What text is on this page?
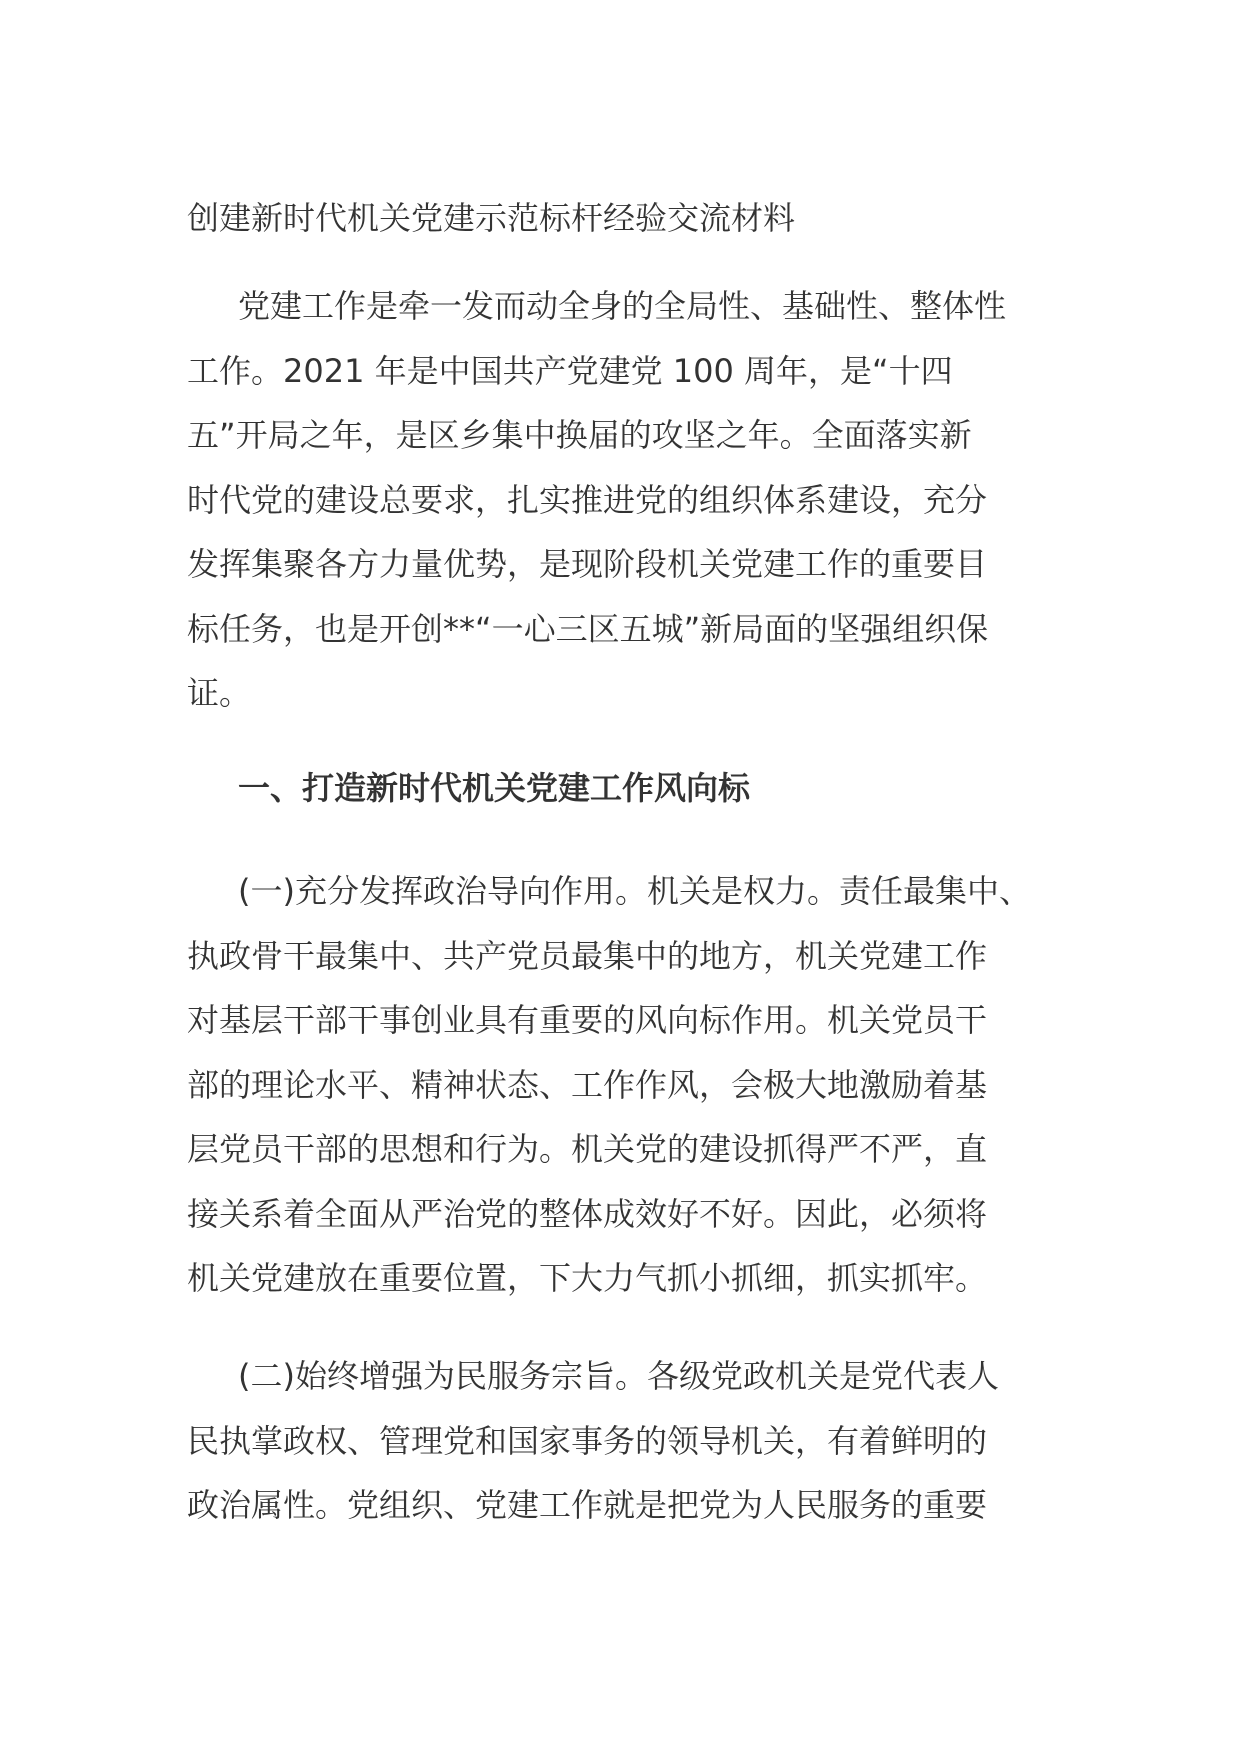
创建新时代机关党建示范标杆经验交流材料
党建工作是牵一发而动全身的全局性、基础性、整体性
工作。2021 年是中国共产党建党 100 周年，是“十四
五”开局之年，是区乡集中换届的攻坚之年。全面落实新
时代党的建设总要求，扎实推进党的组织体系建设，充分
发挥集聚各方力量优势，是现阶段机关党建工作的重要目
标任务，也是开创**“一心三区五城”新局面的坚强组织保
证。
一、打造新时代机关党建工作风向标
(一)充分发挥政治导向作用。机关是权力。责任最集中、
执政骨干最集中、共产党员最集中的地方，机关党建工作
对基层干部干事创业具有重要的风向标作用。机关党员干
部的理论水平、精神状态、工作作风，会极大地激励着基
层党员干部的思想和行为。机关党的建设抓得严不严，直
接关系着全面从严治党的整体成效好不好。因此，必须将
机关党建放在重要位置，下大力气抓小抓细，抓实抓牢。
(二)始终增强为民服务宗旨。各级党政机关是党代表人
民执掌政权、管理党和国家事务的领导机关，有着鲜明的
政治属性。党组织、党建工作就是把党为人民服务的重要
